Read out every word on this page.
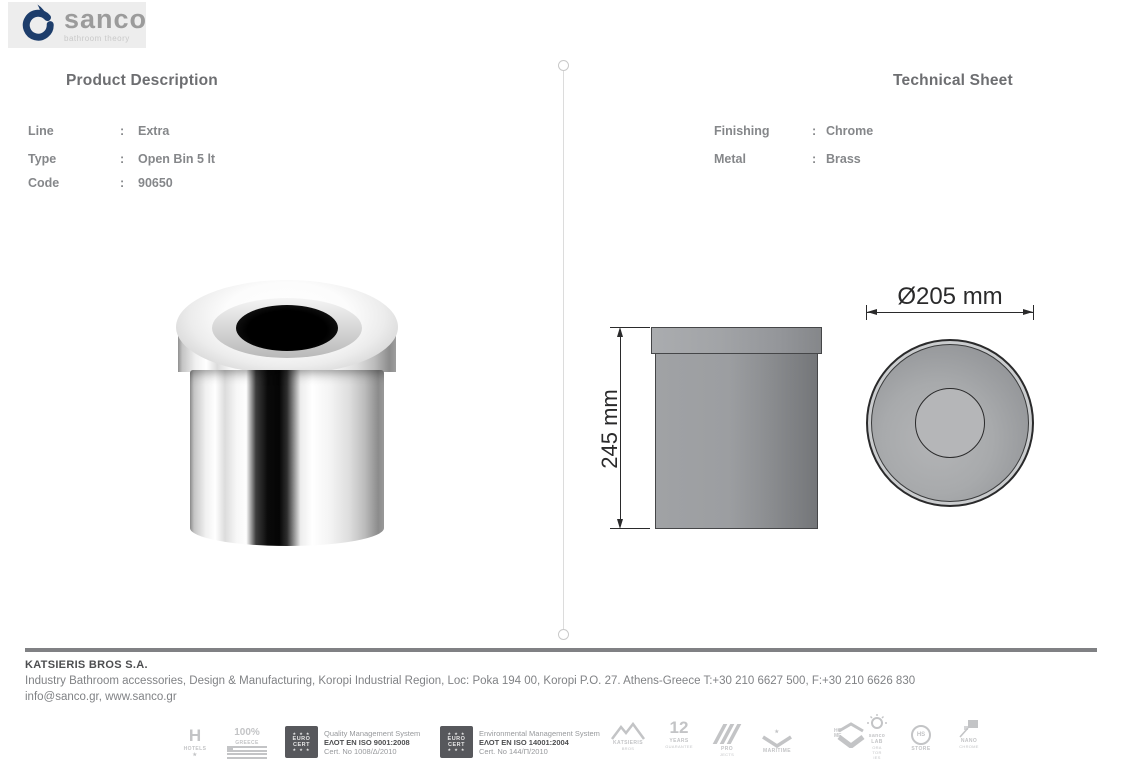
sanco
bathroom theory
Product Description
Line	: Extra
Type	: Open Bin 5 lt
Code	: 90650
Technical Sheet
Finishing	: Chrome
Metal	: Brass
245 mm
Ø205 mm
KATSIERIS BROS S.A.
Industry Bathroom accessories, Design & Manufacturing, Koropi Industrial Region, Loc: Poka 194 00, Koropi P.O. 27. Athens-Greece T:+30 210 6627 500, F:+30 210 6626 830
info@sanco.gr, www.sanco.gr
H
HOTELS
★
100%
GREECE
★ ★ ★
EURO
CERT
★ ★ ★
Quality Management System
ΕΛΟΤ EN ISO 9001:2008
Cert. No 1008/Δ/2010
★ ★ ★
EURO
CERT
★ ★ ★
Environmental Management System
ΕΛΟΤ EN ISO 14001:2004
Cert. No 144/Π/2010
KATSIERIS
BROS
12
YEARS
GUARANTEE	PRO
JECTS
★
MARITIME
HO
ME	sanco
LAB
ORA
TOR
IES
HS
STORE
NANO
CHROME
